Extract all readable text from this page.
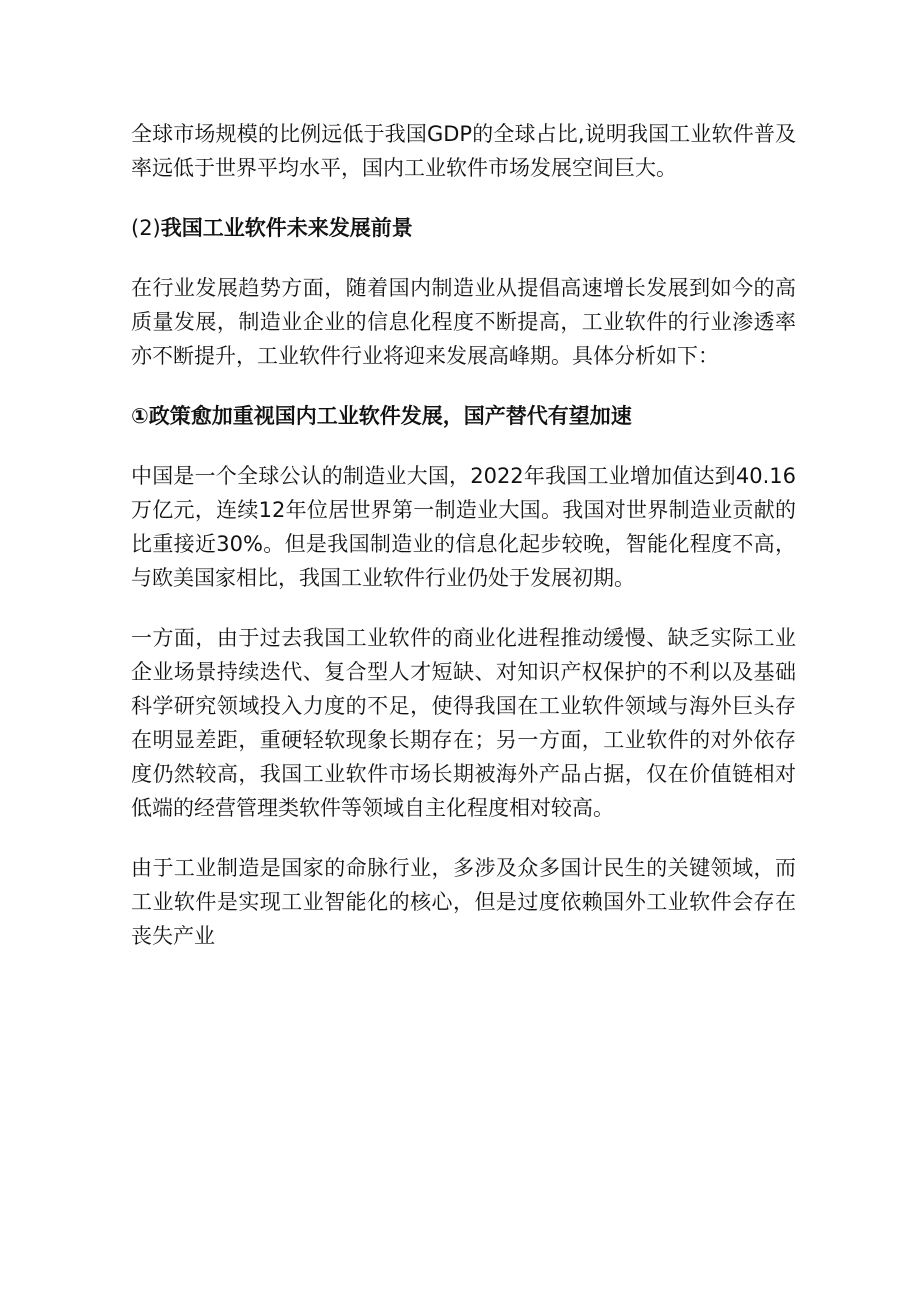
全球市场规模的比例远低于我国GDP的全球占比,说明我国工业软件普及率远低于世界平均水平，国内工业软件市场发展空间巨大。

(2)我国工业软件未来发展前景

在行业发展趋势方面，随着国内制造业从提倡高速增长发展到如今的高质量发展，制造业企业的信息化程度不断提高，工业软件的行业渗透率亦不断提升，工业软件行业将迎来发展高峰期。具体分析如下：

①政策愈加重视国内工业软件发展，国产替代有望加速

中国是一个全球公认的制造业大国，2022年我国工业增加值达到40.16万亿元，连续12年位居世界第一制造业大国。我国对世界制造业贡献的比重接近30%。但是我国制造业的信息化起步较晚，智能化程度不高，与欧美国家相比，我国工业软件行业仍处于发展初期。

一方面，由于过去我国工业软件的商业化进程推动缓慢、缺乏实际工业企业场景持续迭代、复合型人才短缺、对知识产权保护的不利以及基础科学研究领域投入力度的不足，使得我国在工业软件领域与海外巨头存在明显差距，重硬轻软现象长期存在；另一方面，工业软件的对外依存度仍然较高，我国工业软件市场长期被海外产品占据，仅在价值链相对低端的经营管理类软件等领域自主化程度相对较高。

由于工业制造是国家的命脉行业，多涉及众多国计民生的关键领域，而工业软件是实现工业智能化的核心，但是过度依赖国外工业软件会存在丧失产业
